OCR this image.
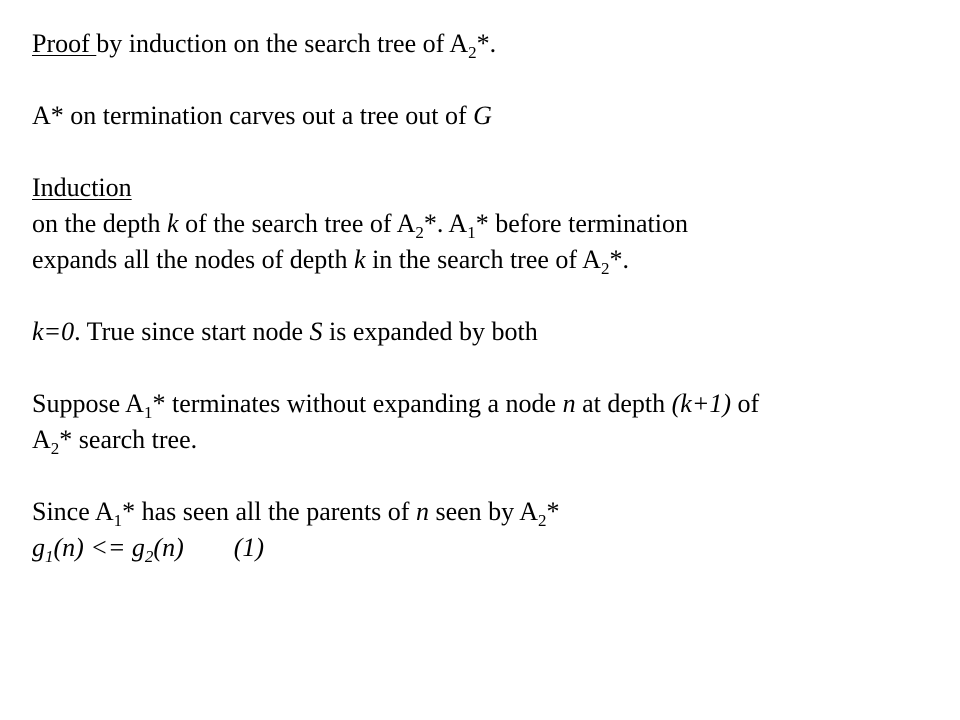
Proof by induction on the search tree of $A_2*$.
A* on termination carves out a tree out of G
Induction
on the depth k of the search tree of $A_2*$. $A_1*$ before termination
expands all the nodes of depth k in the search tree of $A_2*$.
k=0. True since start node S is expanded by both
Suppose $A_1*$ terminates without expanding a node n at depth (k+1) of
$A_2*$ search tree.
Since $A_1*$ has seen all the parents of n seen by $A_2*$
$g_1(n) <= g_2(n)$ (1)
